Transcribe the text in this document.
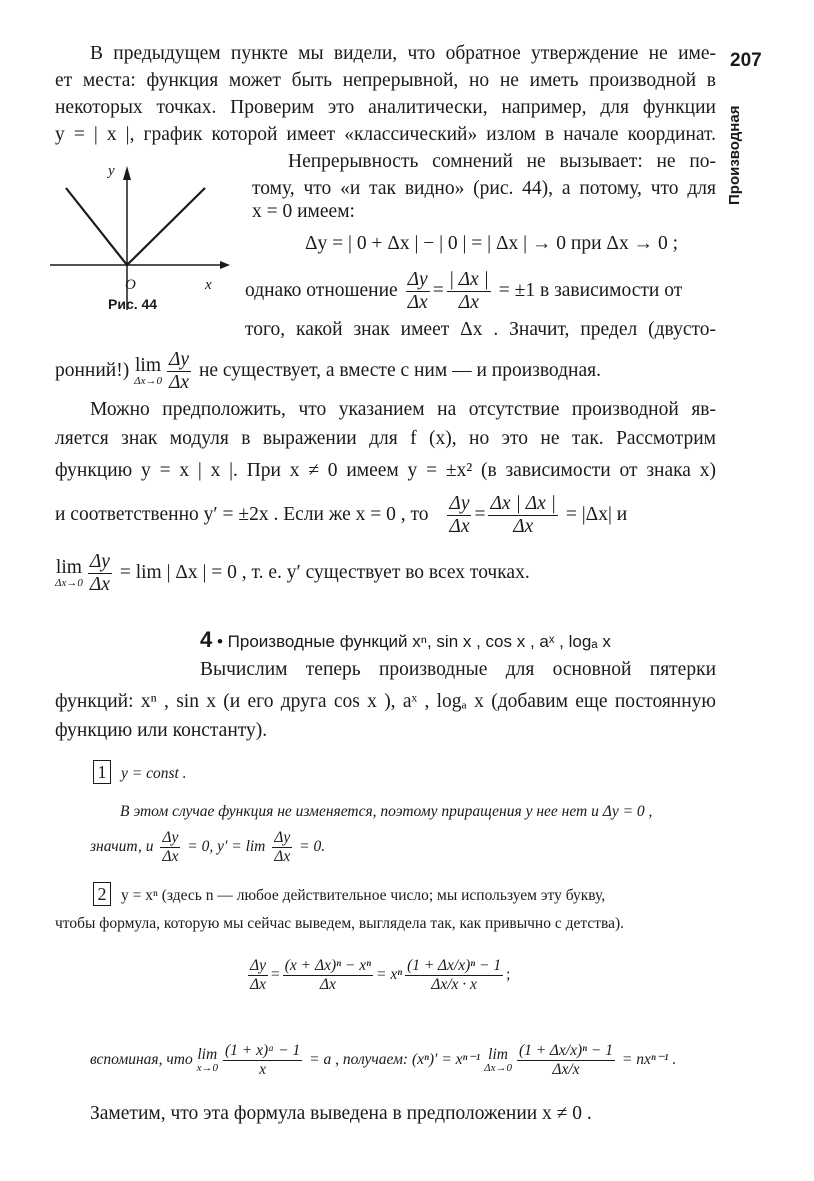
207
Производная
В предыдущем пункте мы видели, что обратное утверждение не име-
ет места: функция может быть непрерывной, но не иметь производной в
некоторых точках. Проверим это аналитически, например, для функции
y = | x |, график которой имеет «классический» излом в начале координат.
y
x
O
Рис. 44
Непрерывность сомнений не вызывает: не по-
тому, что «и так видно» (рис. 44), а потому, что для
x = 0 имеем:
Δy = | 0 + Δx | − | 0 | = | Δx | → 0 при Δx → 0 ;
однако отношение $\frac{\Delta y}{\Delta x} = \frac{| \Delta x |}{\Delta x} = \pm 1$ в зависимости от
того, какой знак имеет Δx . Значит, предел (двусто-
ронний!) lim
$\Delta x\to 0 \frac{\Delta y}{\Delta x}$ не существует, а вместе с ним — и производная.
Можно предположить, что указанием на отсутствие производной яв-
ляется знак модуля в выражении для f (x), но это не так. Рассмотрим
функцию y = x | x |. При x ≠ 0 имеем y = ±x² (в зависимости от знака x)
и соответственно y′ = ±2x . Если же x = 0 , то $\frac{\Delta y}{\Delta x} = \frac{\Delta x | \Delta x |}{\Delta x} = |\Delta x|$ и
lim
$\Delta x\to 0 \frac{\Delta y}{\Delta x} = \lim$ | Δx | = 0 , т. е. y′ существует во всех точках.
4 • Производные функций xⁿ, sin x , cos x , aˣ , logₐ x
Вычислим теперь производные для основной пятерки
функций: xⁿ , sin x (и его друга cos x ), aˣ , logₐ x (добавим еще постоянную
функцию или константу).
1 y = const .
В этом случае функция не изменяется, поэтому приращения у нее нет и Δy = 0 ,
значит, и $\frac{\Delta y}{\Delta x} = 0$, $y' = \lim \frac{\Delta y}{\Delta x} = 0$.
2 y = xⁿ (здесь n — любое действительное число; мы используем эту букву,
чтобы формула, которую мы сейчас выведем, выглядела так, как привычно с детства).
$\frac{\Delta y}{\Delta x} = \frac{\text{(x + Δx)ⁿ − xⁿ}}{\Delta x} = x^n \frac{\text{(1 + Δx/x)ⁿ − 1}}{\Delta x/x \cdot x}$ ;
вспоминая, что lim
$x\to 0 \frac{\text{(1 + x)ᵃ − 1}}{x} = a$ , получаем: (xⁿ)′ = xⁿ⁻¹ lim
$\Delta x\to 0 \frac{\text{(1 + Δx/x)ⁿ − 1}}{\Delta x/x} = nx^{n-1}$ .
Заметим, что эта формула выведена в предположении x ≠ 0 .
